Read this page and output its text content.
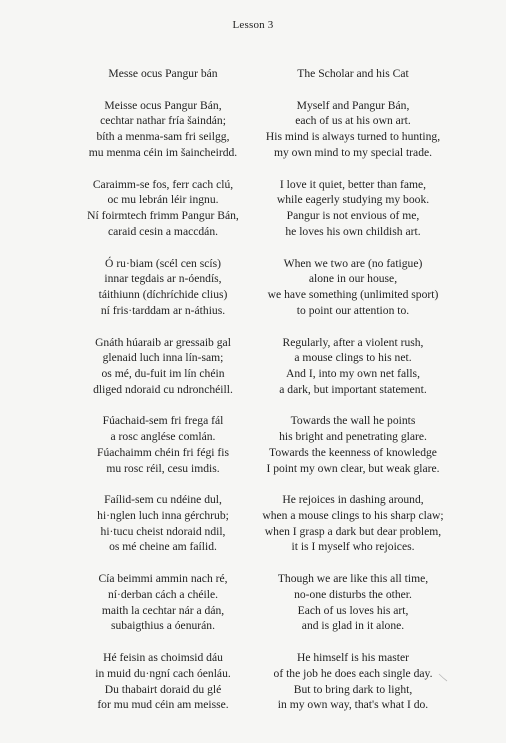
Lesson 3
Messe ocus Pangur bán
Meisse ocus Pangur Bán,
cechtar nathar fría šaindán;
bíth a menma-sam fri seilgg,
mu menma céin im šaincheirdd.
Caraimm-se fos, ferr cach clú,
oc mu lebrán léir ingnu.
Ní foirmtech frimm Pangur Bán,
caraid cesin a maccdán.
Ó ru·biam (scél cen scís)
innar tegdais ar n-óendís,
táithiunn (díchríchide clius)
ní fris·tarddam ar n-áthius.
Gnáth húaraib ar gressaib gal
glenaid luch inna lín-sam;
os mé, du-fuit im lín chéin
dliged ndoraid cu ndronchéill.
Fúachaid-sem fri frega fál
a rosc anglése comlán.
Fúachaimm chéin fri fégi fis
mu rosc réil, cesu imdis.
Faílid-sem cu ndéine dul,
hi·nglen luch inna gérchrub;
hi·tucu cheist ndoraid ndil,
os mé cheine am faílid.
Cía beimmi ammin nach ré,
ní·derban cách a chéile.
maith la cechtar nár a dán,
subaigthius a óenurán.
Hé feisin as choimsid dáu
in muid du·ngní cach óenláu.
Du thabairt doraid du glé
for mu mud céin am meisse.
The Scholar and his Cat
Myself and Pangur Bán,
each of us at his own art.
His mind is always turned to hunting,
my own mind to my special trade.
I love it quiet, better than fame,
while eagerly studying my book.
Pangur is not envious of me,
he loves his own childish art.
When we two are (no fatigue)
alone in our house,
we have something (unlimited sport)
to point our attention to.
Regularly, after a violent rush,
a mouse clings to his net.
And I, into my own net falls,
a dark, but important statement.
Towards the wall he points
his bright and penetrating glare.
Towards the keenness of knowledge
I point my own clear, but weak glare.
He rejoices in dashing around,
when a mouse clings to his sharp claw;
when I grasp a dark but dear problem,
it is I myself who rejoices.
Though we are like this all time,
no-one disturbs the other.
Each of us loves his art,
and is glad in it alone.
He himself is his master
of the job he does each single day.
But to bring dark to light,
in my own way, that's what I do.
